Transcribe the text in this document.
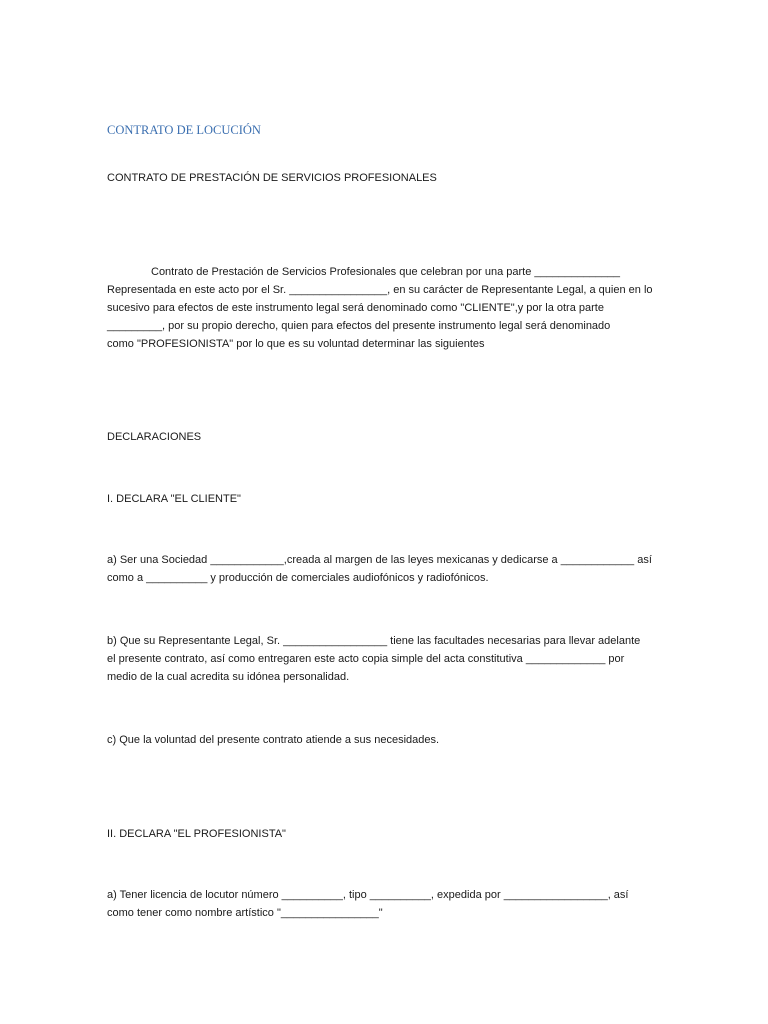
CONTRATO DE LOCUCIÓN

CONTRATO DE PRESTACIÓN DE SERVICIOS PROFESIONALES

Contrato de Prestación de Servicios Profesionales que celebran por una parte ______________
Representada en este acto por el Sr. ________________, en su carácter de Representante Legal, a quien en lo
sucesivo para efectos de este instrumento legal será denominado como "CLIENTE",y por la otra parte
_________, por su propio derecho, quien para efectos del presente instrumento legal será denominado
como "PROFESIONISTA" por lo que es su voluntad determinar las siguientes

DECLARACIONES

I. DECLARA "EL CLIENTE"

a) Ser una Sociedad ____________,creada al margen de las leyes mexicanas y dedicarse a ____________ así
como a __________ y producción de comerciales audiofónicos y radiofónicos.
b) Que su Representante Legal, Sr. _________________ tiene las facultades necesarias para llevar adelante
el presente contrato, así como entregaren este acto copia simple del acta constitutiva _____________ por
medio de la cual acredita su idónea personalidad.

c) Que la voluntad del presente contrato atiende a sus necesidades.

II. DECLARA "EL PROFESIONISTA"

a) Tener licencia de locutor número __________, tipo __________, expedida por _________________, así
como tener como nombre artístico "________________"
